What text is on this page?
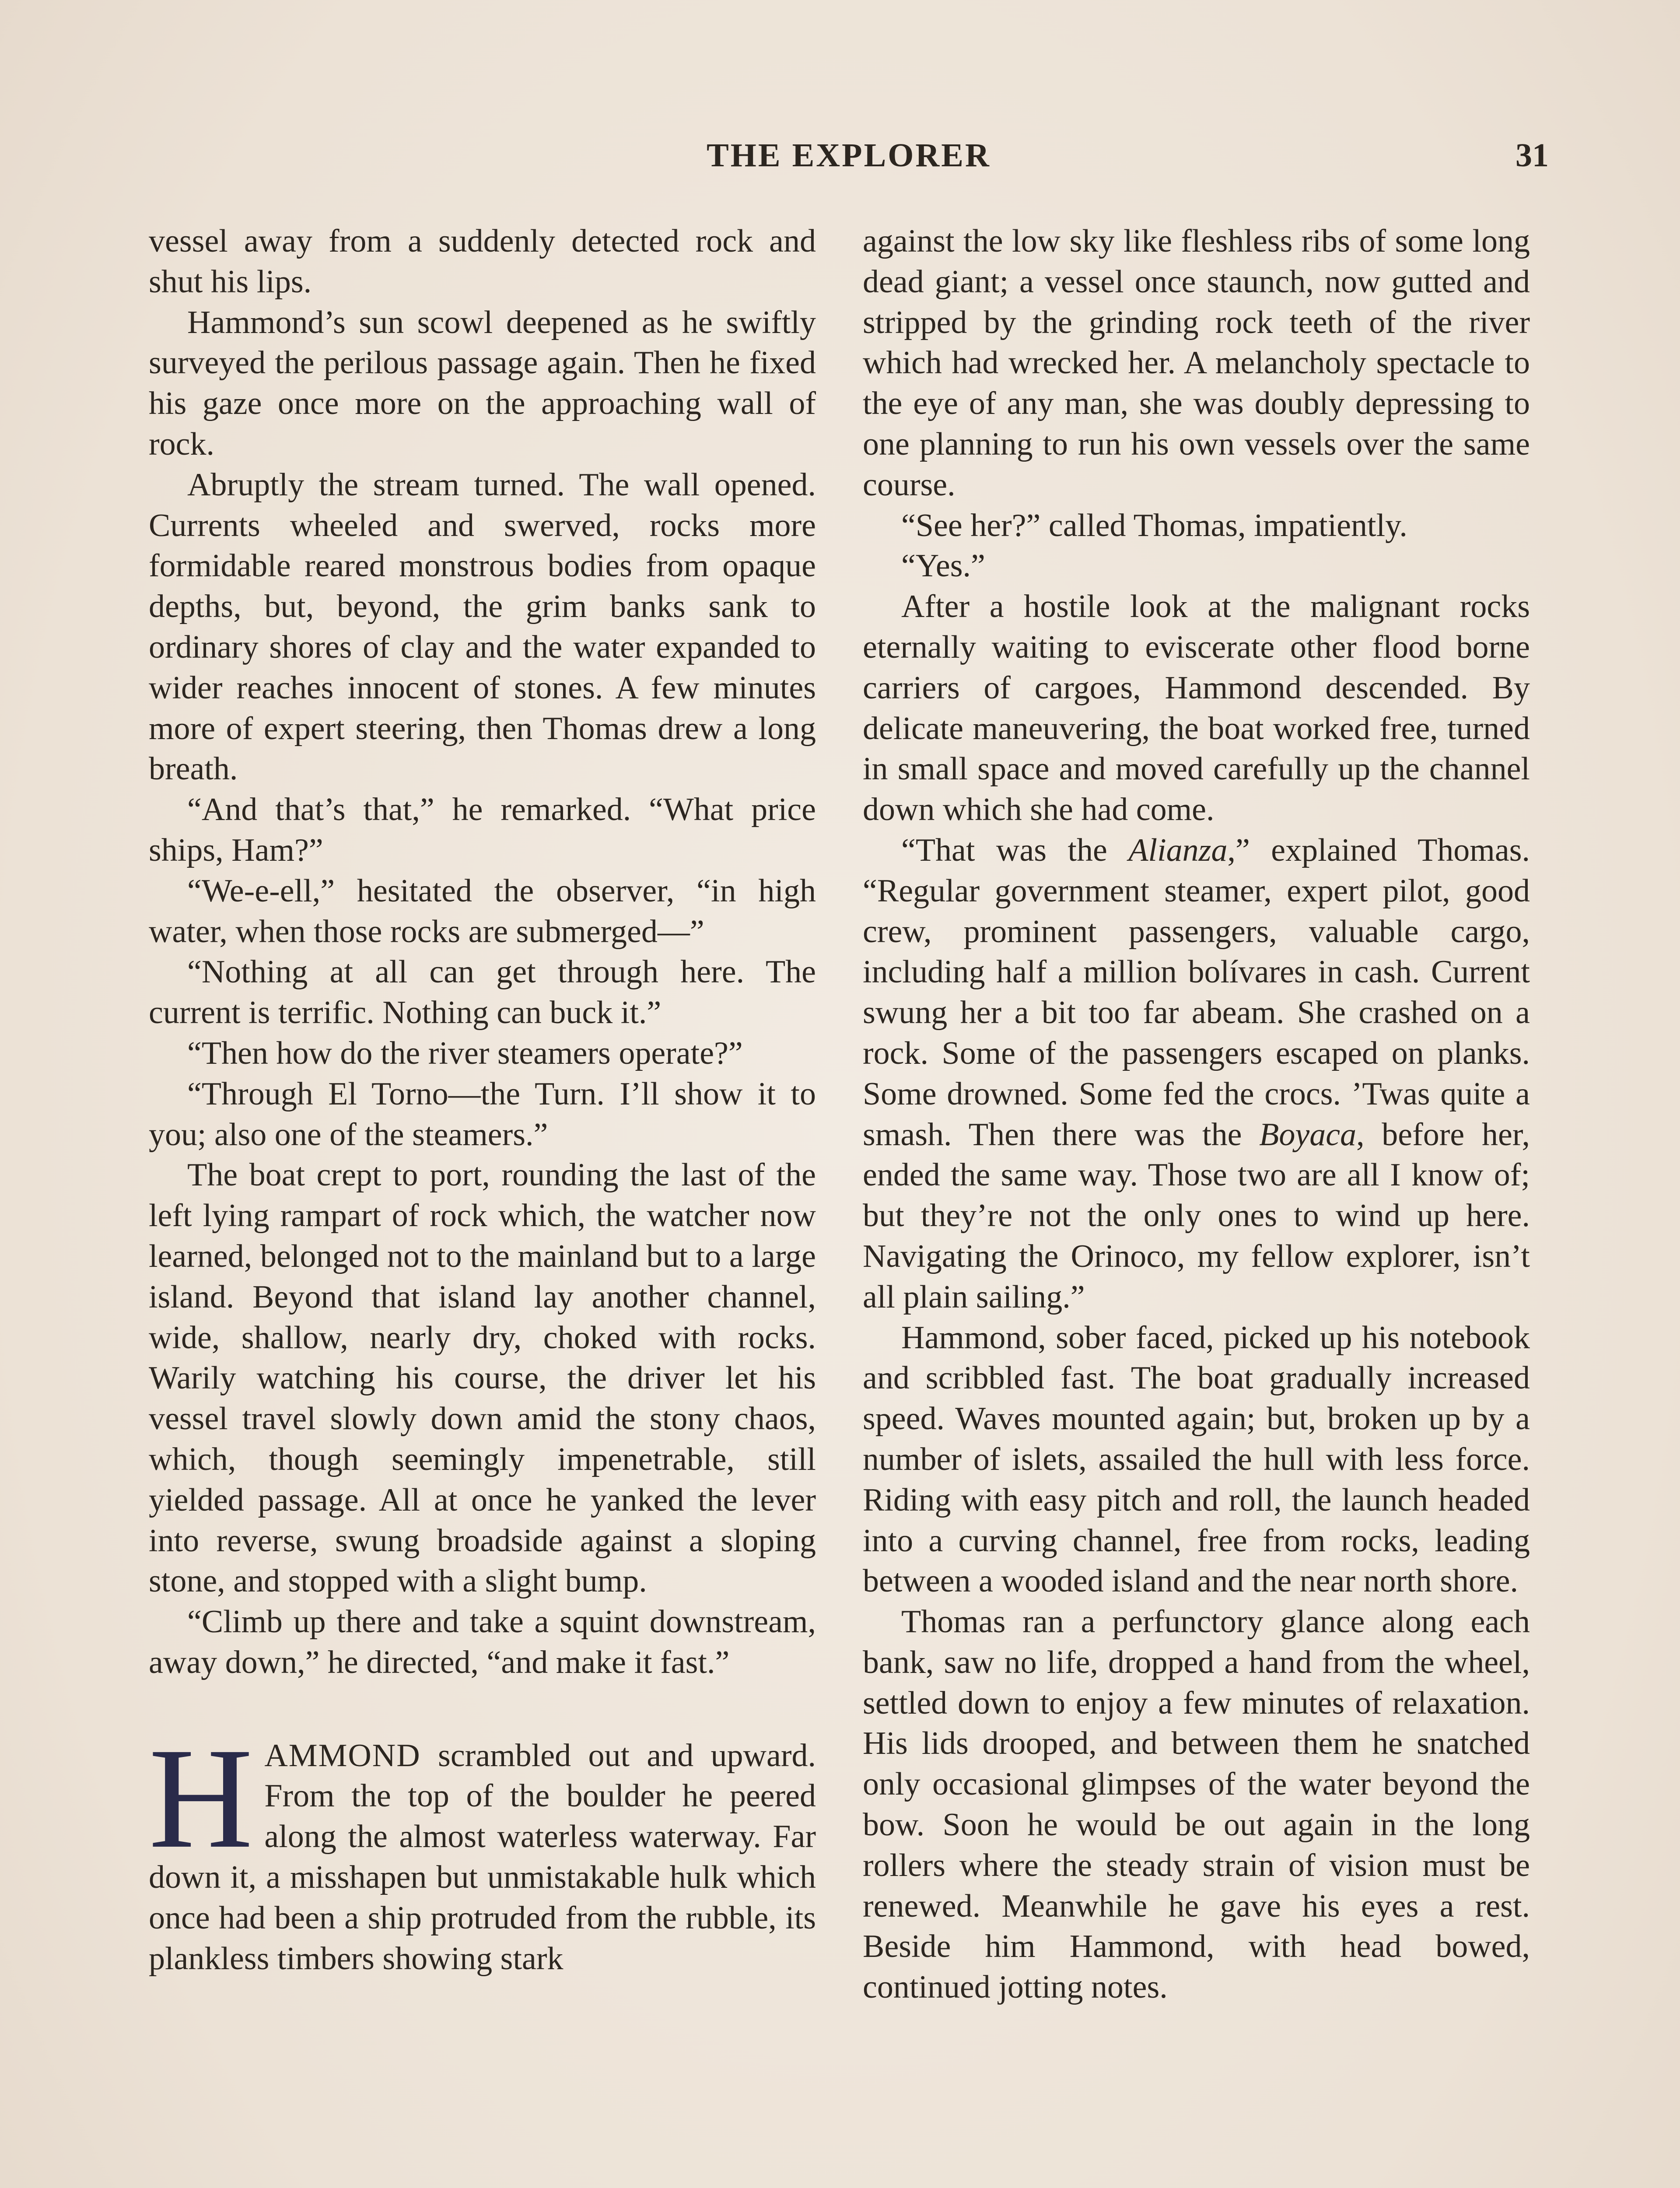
THE EXPLORER	31

vessel away from a suddenly detected rock and shut his lips.

Hammond’s sun scowl deepened as he swiftly surveyed the perilous passage again. Then he fixed his gaze once more on the approaching wall of rock.

Abruptly the stream turned. The wall opened. Currents wheeled and swerved, rocks more formidable reared monstrous bodies from opaque depths, but, beyond, the grim banks sank to ordinary shores of clay and the water expanded to wider reaches innocent of stones. A few minutes more of expert steering, then Thomas drew a long breath.

“And that’s that,” he remarked. “What price ships, Ham?”

“We-e-ell,” hesitated the observer, “in high water, when those rocks are submerged—”

“Nothing at all can get through here. The current is terrific. Nothing can buck it.”

“Then how do the river steamers operate?”

“Through El Torno—the Turn. I’ll show it to you; also one of the steamers.”

The boat crept to port, rounding the last of the left lying rampart of rock which, the watcher now learned, belonged not to the mainland but to a large island. Beyond that island lay another channel, wide, shallow, nearly dry, choked with rocks. Warily watching his course, the driver let his vessel travel slowly down amid the stony chaos, which, though seemingly impenetrable, still yielded passage. All at once he yanked the lever into reverse, swung broadside against a sloping stone, and stopped with a slight bump.

“Climb up there and take a squint downstream, away down,” he directed, “and make it fast.”

HAMMOND scrambled out and upward. From the top of the boulder he peered along the almost waterless waterway. Far down it, a misshapen but unmistakable hulk which once had been a ship protruded from the rubble, its plankless timbers showing stark

against the low sky like fleshless ribs of some long dead giant; a vessel once staunch, now gutted and stripped by the grinding rock teeth of the river which had wrecked her. A melancholy spectacle to the eye of any man, she was doubly depressing to one planning to run his own vessels over the same course.

“See her?” called Thomas, impatiently.

“Yes.”

After a hostile look at the malignant rocks eternally waiting to eviscerate other flood borne carriers of cargoes, Hammond descended. By delicate maneuvering, the boat worked free, turned in small space and moved carefully up the channel down which she had come.

“That was the Alianza,” explained Thomas. “Regular government steamer, expert pilot, good crew, prominent passengers, valuable cargo, including half a million bolívares in cash. Current swung her a bit too far abeam. She crashed on a rock. Some of the passengers escaped on planks. Some drowned. Some fed the crocs. ’Twas quite a smash. Then there was the Boyaca, before her, ended the same way. Those two are all I know of; but they’re not the only ones to wind up here. Navigating the Orinoco, my fellow explorer, isn’t all plain sailing.”

Hammond, sober faced, picked up his notebook and scribbled fast. The boat gradually increased speed. Waves mounted again; but, broken up by a number of islets, assailed the hull with less force. Riding with easy pitch and roll, the launch headed into a curving channel, free from rocks, leading between a wooded island and the near north shore.

Thomas ran a perfunctory glance along each bank, saw no life, dropped a hand from the wheel, settled down to enjoy a few minutes of relaxation. His lids drooped, and between them he snatched only occasional glimpses of the water beyond the bow. Soon he would be out again in the long rollers where the steady strain of vision must be renewed. Meanwhile he gave his eyes a rest. Beside him Hammond, with head bowed, continued jotting notes.
